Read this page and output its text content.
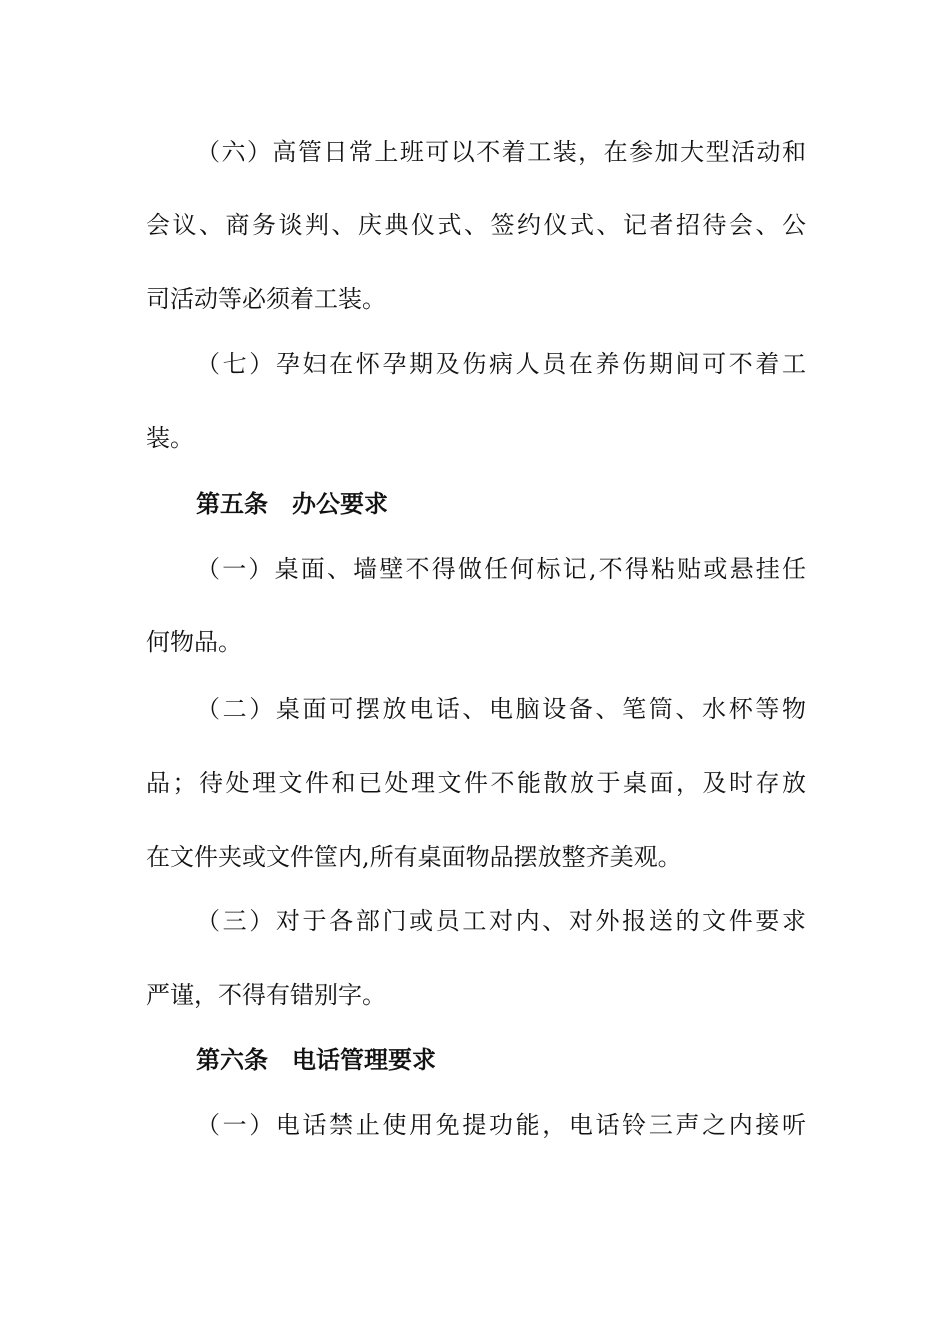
（六）高管日常上班可以不着工装，在参加大型活动和
会议、商务谈判、庆典仪式、签约仪式、记者招待会、公
司活动等必须着工装。
（七）孕妇在怀孕期及伤病人员在养伤期间可不着工
装。
第五条　办公要求
（一）桌面、墙壁不得做任何标记,不得粘贴或悬挂任
何物品。
（二）桌面可摆放电话、电脑设备、笔筒、水杯等物
品；待处理文件和已处理文件不能散放于桌面，及时存放
在文件夹或文件筐内,所有桌面物品摆放整齐美观。
（三）对于各部门或员工对内、对外报送的文件要求
严谨，不得有错别字。
第六条　电话管理要求
（一）电话禁止使用免提功能，电话铃三声之内接听
